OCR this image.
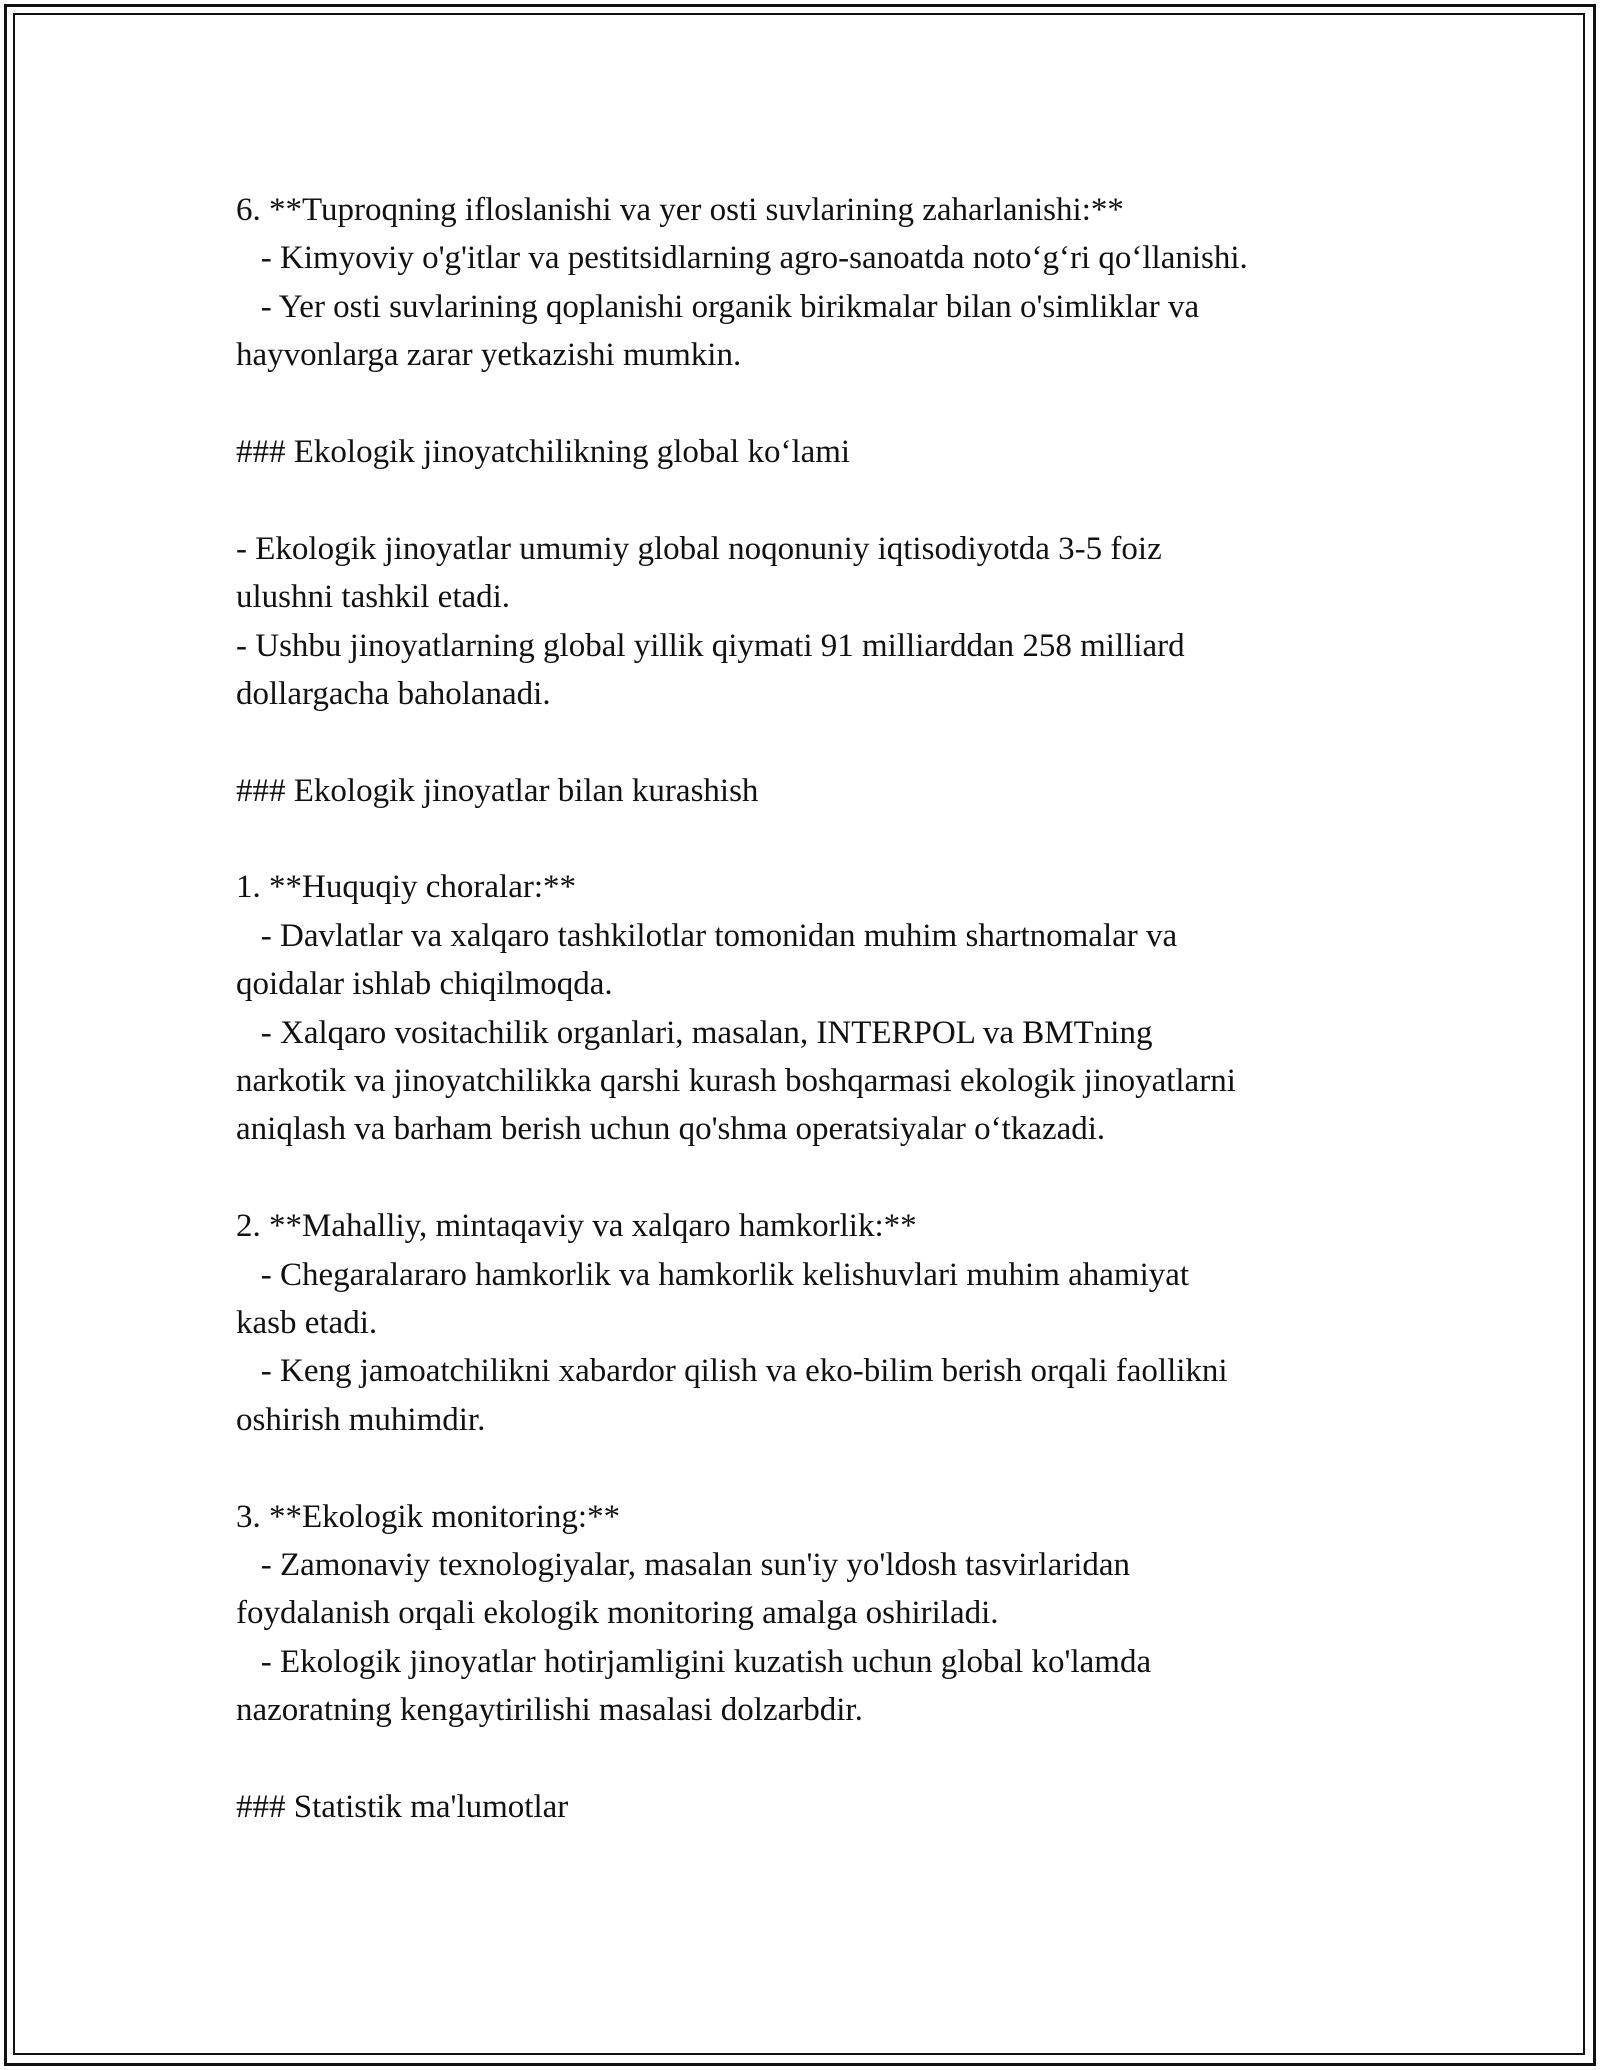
6. **Tuproqning ifloslanishi va yer osti suvlarining zaharlanishi:**
- Kimyoviy o'g'itlar va pestitsidlarning agro-sanoatda noto‘g‘ri qo‘llanishi.
- Yer osti suvlarining qoplanishi organik birikmalar bilan o'simliklar va
hayvonlarga zarar yetkazishi mumkin.
### Ekologik jinoyatchilikning global ko‘lami
- Ekologik jinoyatlar umumiy global noqonuniy iqtisodiyotda 3-5 foiz
ulushni tashkil etadi.
- Ushbu jinoyatlarning global yillik qiymati 91 milliarddan 258 milliard
dollargacha baholanadi.
### Ekologik jinoyatlar bilan kurashish
1. **Huquqiy choralar:**
- Davlatlar va xalqaro tashkilotlar tomonidan muhim shartnomalar va
qoidalar ishlab chiqilmoqda.
- Xalqaro vositachilik organlari, masalan, INTERPOL va BMTning
narkotik va jinoyatchilikka qarshi kurash boshqarmasi ekologik jinoyatlarni
aniqlash va barham berish uchun qo'shma operatsiyalar o‘tkazadi.
2. **Mahalliy, mintaqaviy va xalqaro hamkorlik:**
- Chegaralararo hamkorlik va hamkorlik kelishuvlari muhim ahamiyat
kasb etadi.
- Keng jamoatchilikni xabardor qilish va eko-bilim berish orqali faollikni
oshirish muhimdir.
3. **Ekologik monitoring:**
- Zamonaviy texnologiyalar, masalan sun'iy yo'ldosh tasvirlaridan
foydalanish orqali ekologik monitoring amalga oshiriladi.
- Ekologik jinoyatlar hotirjamligini kuzatish uchun global ko'lamda
nazoratning kengaytirilishi masalasi dolzarbdir.
### Statistik ma'lumotlar
